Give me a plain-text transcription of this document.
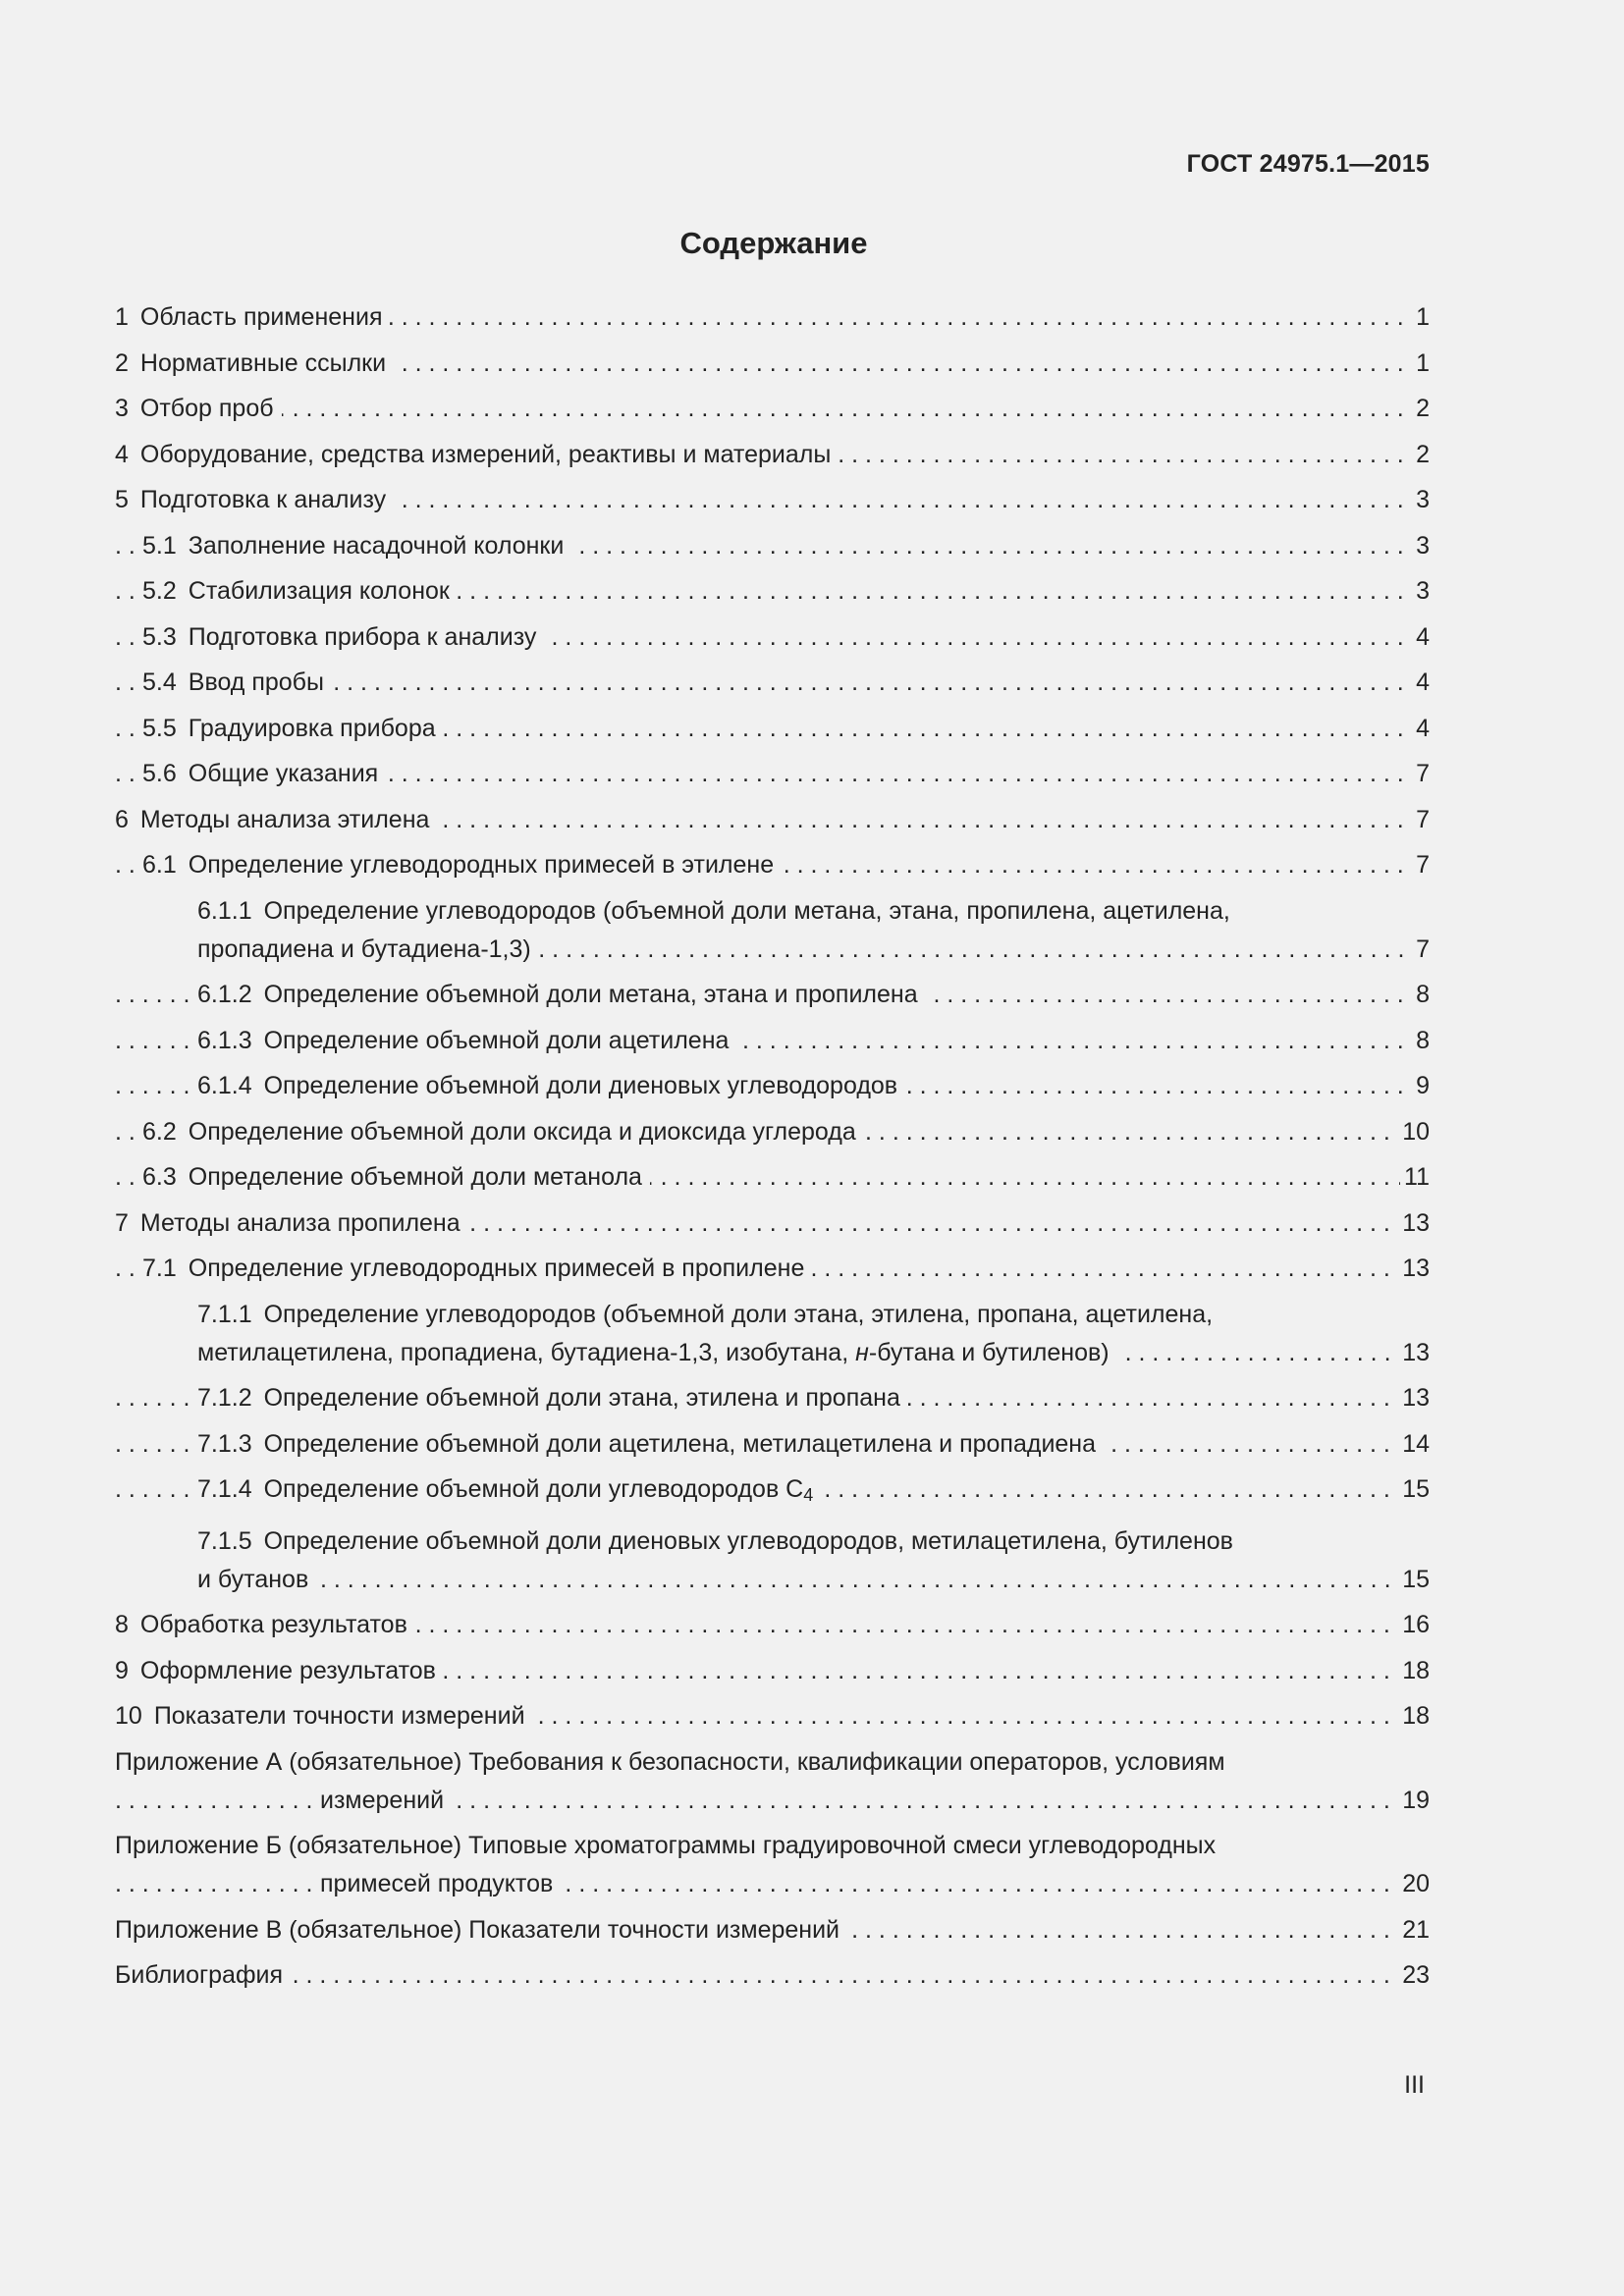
ГОСТ 24975.1—2015
Содержание
1 Область применения	1
. . .
2 Нормативные ссылки	1
. . .
3 Отбор проб	2
. . .
4 Оборудование, средства измерений, реактивы и материалы	2
. . .
5 Подготовка к анализу	3
. . .
5.1 Заполнение насадочной колонки	3
. . .
5.2 Стабилизация колонок	3
. . .
5.3 Подготовка прибора к анализу	4
. . .
5.4 Ввод пробы	4
. . .
5.5 Градуировка прибора	4
. . .
5.6 Общие указания	7
. . .
6 Методы анализа этилена	7
. . .
6.1 Определение углеводородных примесей в этилене	7
. . .
6.1.1 Определение углеводородов (объемной доли метана, этана, пропилена, ацетилена,
пропадиена и бутадиена-1,3)	7
. . .
6.1.2 Определение объемной доли метана, этана и пропилена	8
. . .
6.1.3 Определение объемной доли ацетилена	8
. . .
6.1.4 Определение объемной доли диеновых углеводородов	9
. . .
6.2 Определение объемной доли оксида и диоксида углерода	10
. . .
6.3 Определение объемной доли метанола	11
. . .
7 Методы анализа пропилена	13
. . .
7.1 Определение углеводородных примесей в пропилене	13
. . .
7.1.1 Определение углеводородов (объемной доли этана, этилена, пропана, ацетилена,
метилацетилена, пропадиена, бутадиена-1,3, изобутана, н-бутана и бутиленов)	13
. . .
7.1.2 Определение объемной доли этана, этилена и пропана	13
. . .
7.1.3 Определение объемной доли ацетилена, метилацетилена и пропадиена	14
. . .
7.1.4 Определение объемной доли углеводородов $C_4$	15
. . .
7.1.5 Определение объемной доли диеновых углеводородов, метилацетилена, бутиленов
и бутанов	15
. . .
8 Обработка результатов	16
. . .
9 Оформление результатов	18
. . .
10 Показатели точности измерений	18
. . .
Приложение А (обязательное) Требования к безопасности, квалификации операторов, условиям
измерений	19
. . .
Приложение Б (обязательное) Типовые хроматограммы градуировочной смеси углеводородных
примесей продуктов	20
. . .
Приложение В (обязательное) Показатели точности измерений	21
. . .
Библиография	23
. . .
III
